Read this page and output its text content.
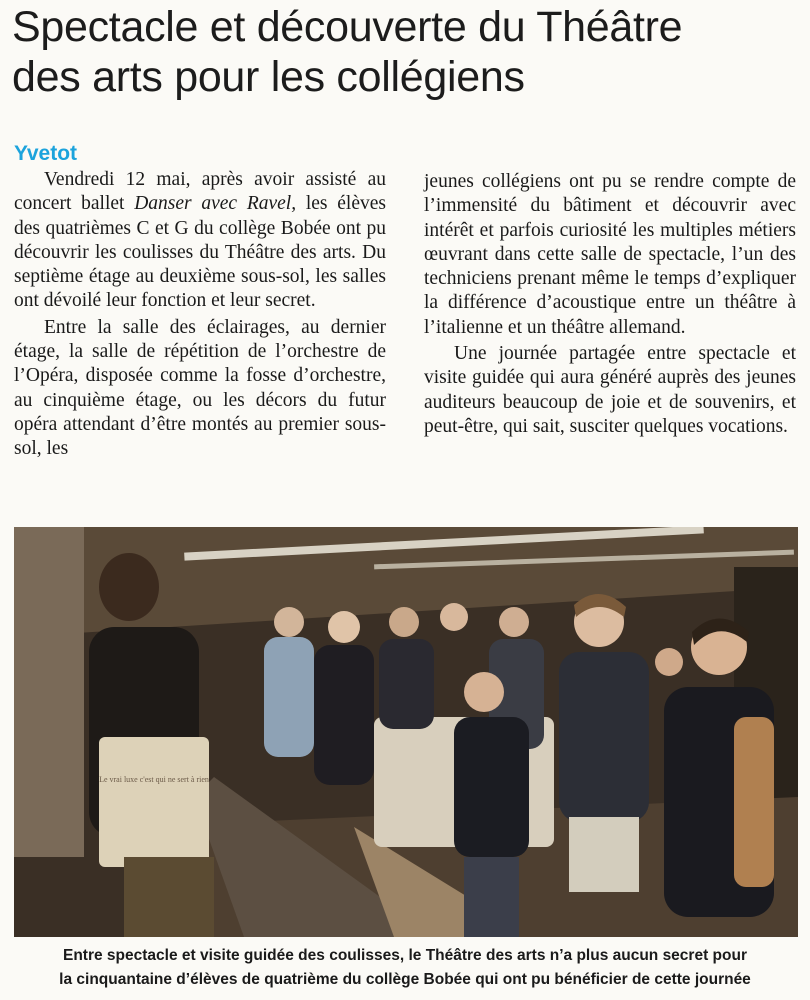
Spectacle et découverte du Théâtre
des arts pour les collégiens
Yvetot

Vendredi 12 mai, après avoir assisté au concert ballet Danser avec Ravel, les élèves des quatrièmes C et G du collège Bobée ont pu découvrir les coulisses du Théâtre des arts. Du septième étage au deuxième sous-sol, les salles ont dévoilé leur fonction et leur secret.

Entre la salle des éclairages, au dernier étage, la salle de répétition de l’orchestre de l’Opéra, disposée comme la fosse d’orchestre, au cinquième étage, ou les décors du futur opéra attendant d’être montés au premier sous-sol, les

jeunes collégiens ont pu se rendre compte de l’immensité du bâtiment et découvrir avec intérêt et parfois curiosité les multiples métiers œuvrant dans cette salle de spectacle, l’un des techniciens prenant même le temps d’expliquer la différence d’acoustique entre un théâtre à l’italienne et un théâtre allemand.

Une journée partagée entre spectacle et visite guidée qui aura généré auprès des jeunes auditeurs beaucoup de joie et de souvenirs, et peut-être, qui sait, susciter quelques vocations.

Le vrai luxe c'est qui ne sert à rien
Entre spectacle et visite guidée des coulisses, le Théâtre des arts n’a plus aucun secret pour
la cinquantaine d’élèves de quatrième du collège Bobée qui ont pu bénéficier de cette journée
